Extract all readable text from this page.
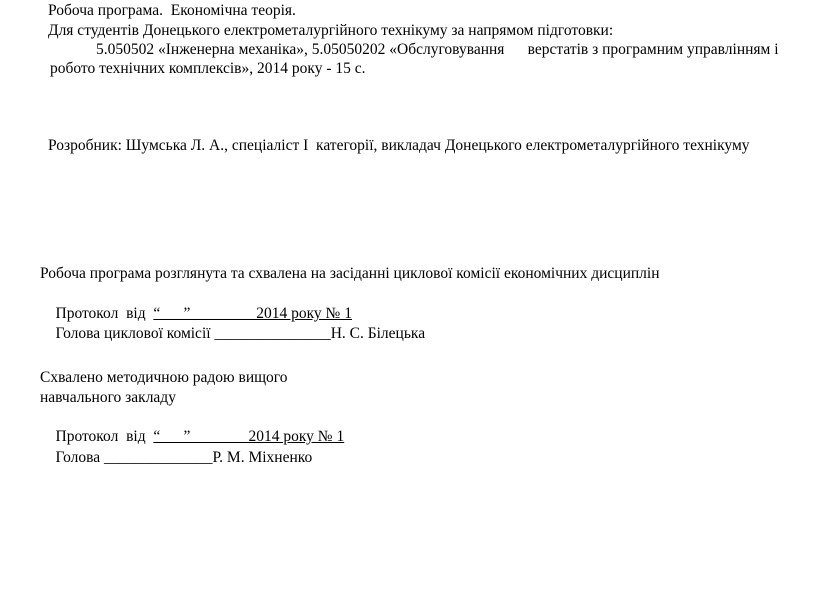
Робоча програма.  Економічна теорія.
Для студентів Донецького електрометалургійного технікуму за напрямом підготовки:
5.050502 «Інженерна механіка», 5.05050202 «Обслуговування      верстатів з програмним управлінням і
робото технічних комплексів», 2014 року - 15 с.
Розробник: Шумська Л. А., спеціаліст I  категорії, викладач Донецького електрометалургійного технікуму
Робоча програма розглянута та схвалена на засіданні циклової комісії економічних дисциплін

Протокол  від  “      ”                 2014 року № 1

Голова циклової комісії _______________Н. С. Білецька

Схвалено методичною радою вищого
навчального закладу

Протокол  від  “      ”               2014 року № 1

Голова ______________Р. М. Міхненко
